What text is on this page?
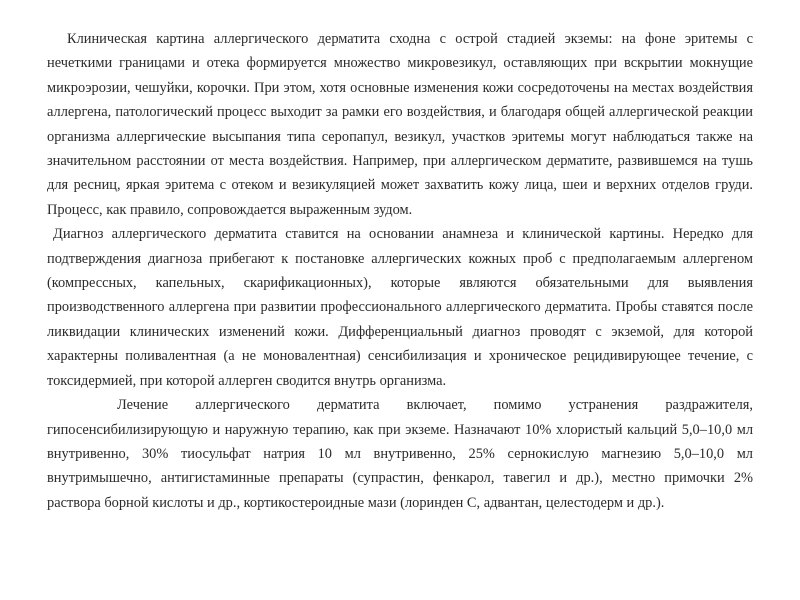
Клиническая картина аллергического дерматита сходна с острой стадией экземы: на фоне эритемы с нечеткими границами и отека формируется множество микровезикул, оставляющих при вскрытии мокнущие микроэрозии, чешуйки, корочки. При этом, хотя основные изменения кожи сосредоточены на местах воздействия аллергена, патологический процесс выходит за рамки его воздействия, и благодаря общей аллергической реакции организма аллергические высыпания типа серопапул, везикул, участков эритемы могут наблюдаться также на значительном расстоянии от места воздействия. Например, при аллергическом дерматите, развившемся на тушь для ресниц, яркая эритема с отеком и везикуляцией может захватить кожу лица, шеи и верхних отделов груди. Процесс, как правило, сопровождается выраженным зудом.

Диагноз аллергического дерматита ставится на основании анамнеза и клинической картины. Нередко для подтверждения диагноза прибегают к постановке аллергических кожных проб с предполагаемым аллергеном (компрессных, капельных, скарификационных), которые являются обязательными для выявления производственного аллергена при развитии профессионального аллергического дерматита. Пробы ставятся после ликвидации клинических изменений кожи. Дифференциальный диагноз проводят с экземой, для которой характерны поливалентная (а не моновалентная) сенсибилизация и хроническое рецидивирующее течение, с токсидермией, при которой аллерген сводится внутрь организма.

Лечение аллергического дерматита включает, помимо устранения раздражителя, гипосенсибилизирующую и наружную терапию, как при экземе. Назначают 10% хлористый кальций 5,0–10,0 мл внутривенно, 30% тиосульфат натрия 10 мл внутривенно, 25% сернокислую магнезию 5,0–10,0 мл внутримышечно, антигистаминные препараты (супрастин, фенкарол, тавегил и др.), местно примочки 2% раствора борной кислоты и др., кортикостероидные мази (лоринден С, адвантан, целестодерм и др.).
